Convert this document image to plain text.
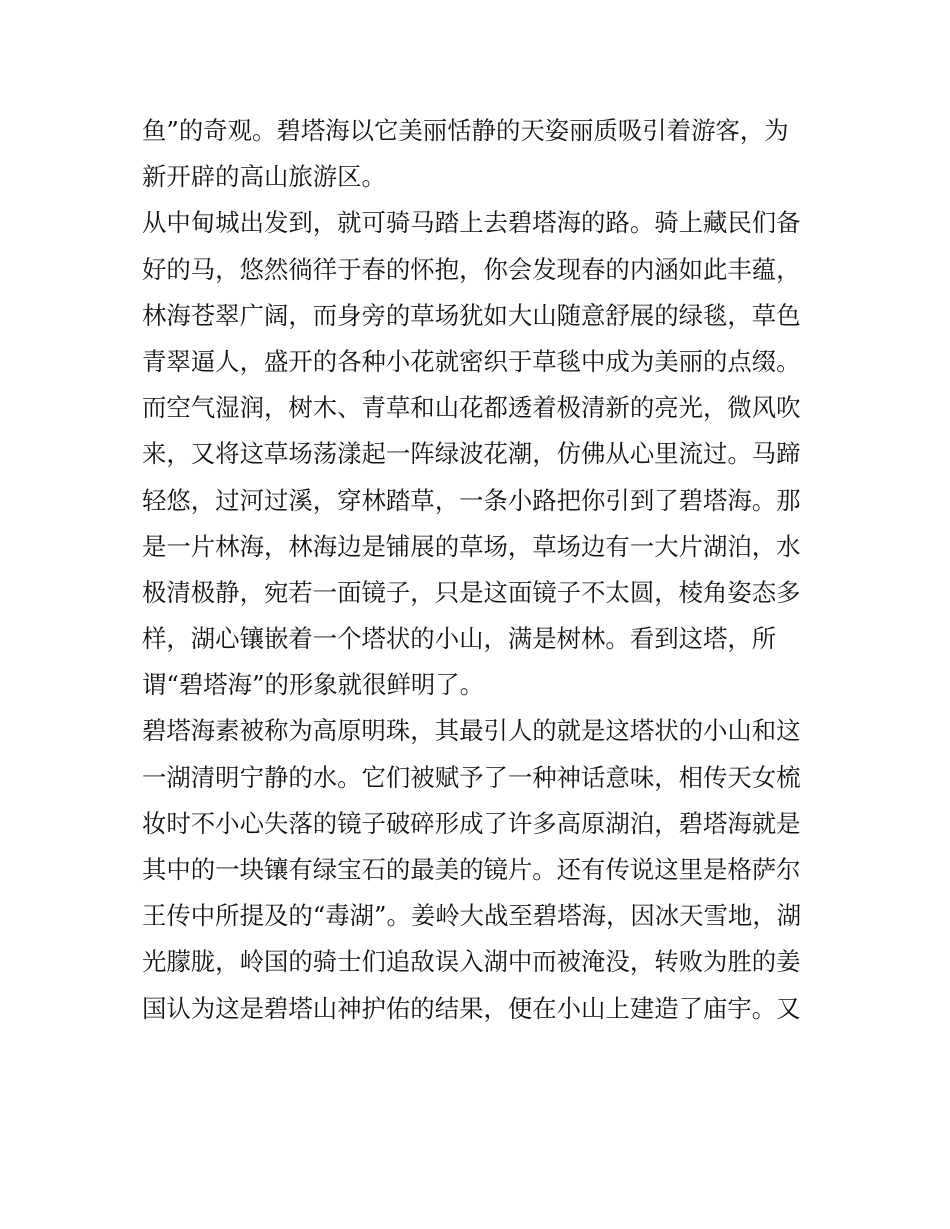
鱼”的奇观。碧塔海以它美丽恬静的天姿丽质吸引着游客，为

新开辟的高山旅游区。

从中甸城出发到，就可骑马踏上去碧塔海的路。骑上藏民们备

好的马，悠然徜徉于春的怀抱，你会发现春的内涵如此丰蕴，

林海苍翠广阔，而身旁的草场犹如大山随意舒展的绿毯，草色

青翠逼人，盛开的各种小花就密织于草毯中成为美丽的点缀。

而空气湿润，树木、青草和山花都透着极清新的亮光，微风吹

来，又将这草场荡漾起一阵绿波花潮，仿佛从心里流过。马蹄

轻悠，过河过溪，穿林踏草，一条小路把你引到了碧塔海。那

是一片林海，林海边是铺展的草场，草场边有一大片湖泊，水

极清极静，宛若一面镜子，只是这面镜子不太圆，棱角姿态多

样，湖心镶嵌着一个塔状的小山，满是树林。看到这塔，所

谓“碧塔海”的形象就很鲜明了。

碧塔海素被称为高原明珠，其最引人的就是这塔状的小山和这

一湖清明宁静的水。它们被赋予了一种神话意味，相传天女梳

妆时不小心失落的镜子破碎形成了许多高原湖泊，碧塔海就是

其中的一块镶有绿宝石的最美的镜片。还有传说这里是格萨尔

王传中所提及的“毒湖”。姜岭大战至碧塔海，因冰天雪地，湖

光朦胧，岭国的骑士们追敌误入湖中而被淹没，转败为胜的姜

国认为这是碧塔山神护佑的结果，便在小山上建造了庙宇。又
